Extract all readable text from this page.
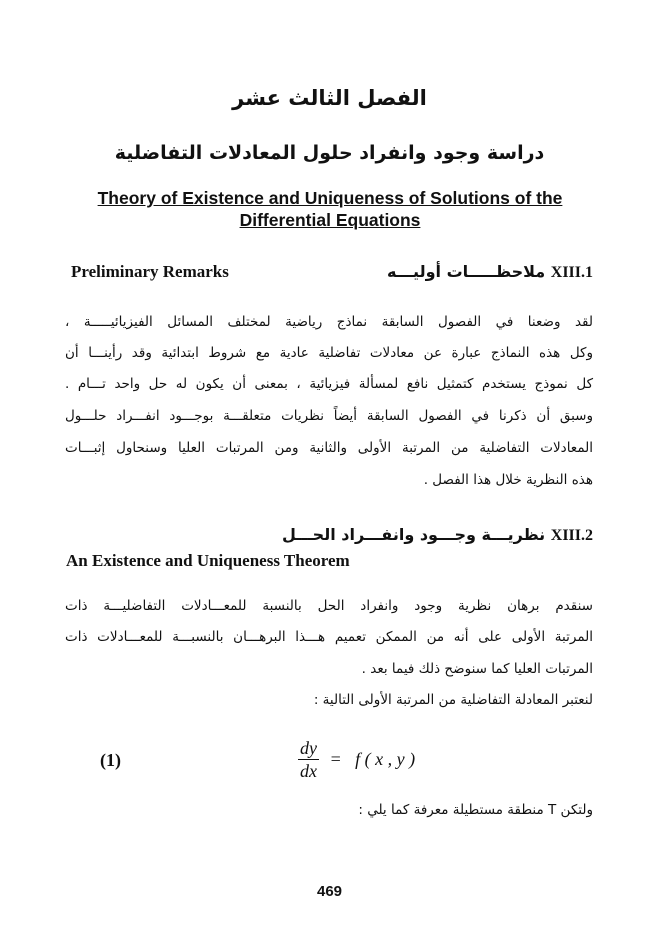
الفصل الثالث عشر
دراسة وجود وانفراد حلول المعادلات التفاضلية
Theory of Existence and Uniqueness of Solutions of the
Differential Equations
Preliminary Remarks	XIII.1 ملاحظـــــات أوليـــه
لقد وضعنا في الفصول السابقة نماذج رياضية لمختلف المسائل الفيزيائيـــــة ،
وكل هذه النماذج عبارة عن معادلات تفاضلية عادية مع شروط ابتدائية وقد رأينـــا أن
كل نموذج يستخدم كتمثيل نافع لمسألة فيزيائية ، بمعنى أن يكون له حل واحد تـــام .
وسبق أن ذكرنا في الفصول السابقة أيضاً نظريات متعلقـــة بوجـــود انفـــراد حلـــول
المعادلات التفاضلية من المرتبة الأولى والثانية ومن المرتبات العليا وسنحاول إثبـــات
هذه النظرية خلال هذا الفصل .
XIII.2 نظريـــة وجـــود وانفـــراد الحـــل
An Existence and Uniqueness Theorem
سنقدم برهان نظرية وجود وانفراد الحل بالنسبة للمعـــادلات التفاضليـــة ذات
المرتبة الأولى على أنه من الممكن تعميم هـــذا البرهـــان بالنسبـــة للمعـــادلات ذات
المرتبات العليا كما سنوضح ذلك فيما بعد .
لنعتبر المعادلة التفاضلية من المرتبة الأولى التالية :
(1)	$\frac{dy}{dx} = f$ ( x , y )
ولتكن T منطقة مستطيلة معرفة كما يلي :
469
